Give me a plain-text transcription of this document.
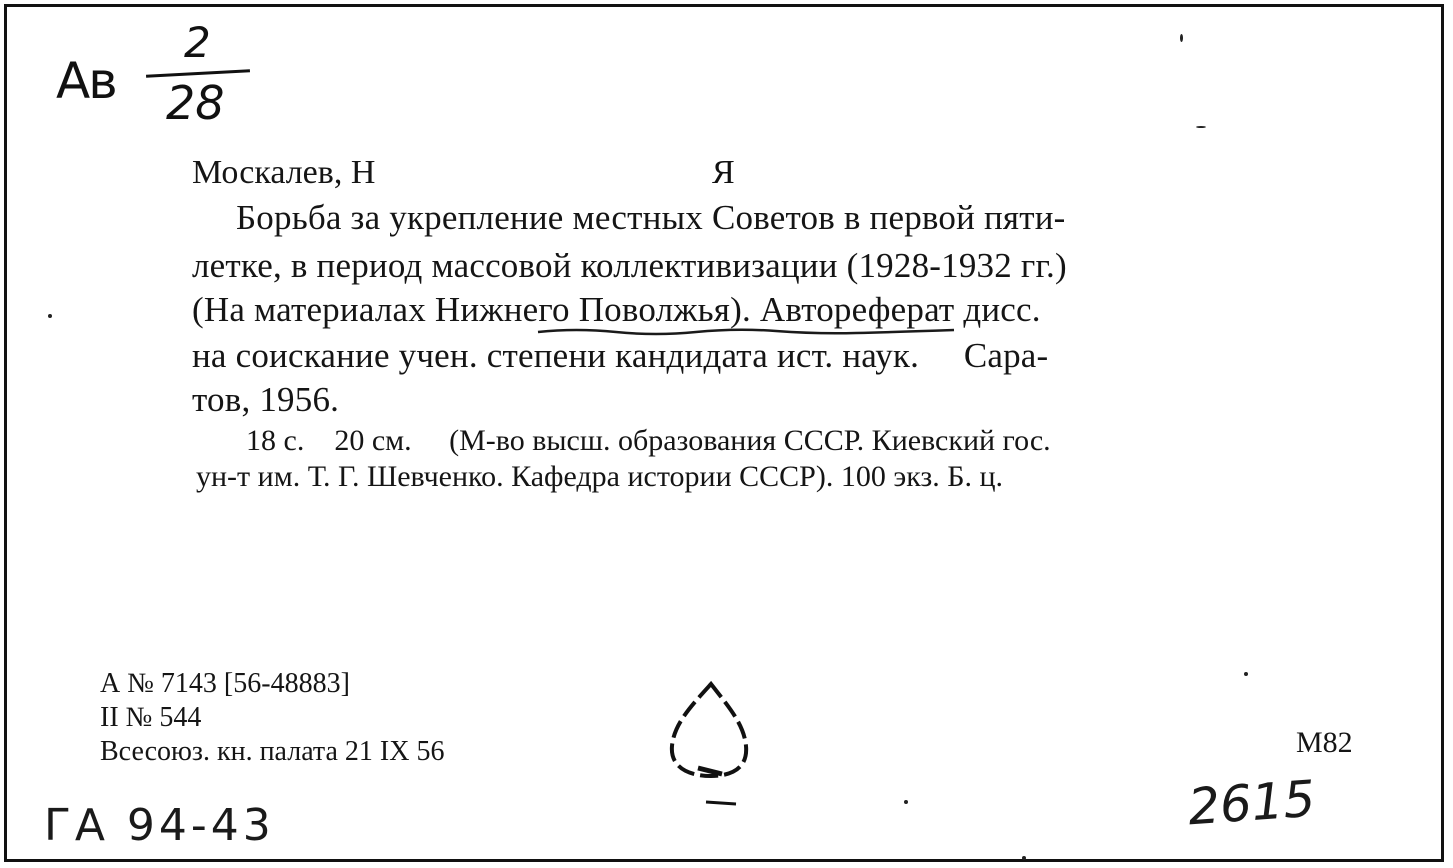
Ав
2
28
Москалев, Н	Я
Борьба за укрепление местных Советов в первой пяти-
летке, в период массовой коллективизации (1928-1932 гг.)
(На материалах Нижнего Поволжья). Автореферат дисс.
на соискание учен. степени кандидата ист. наук.     Сара-
тов, 1956.
18 с.    20 см.     (М-во высш. образования СССР. Киевский гос.
ун-т им. Т. Г. Шевченко. Кафедра истории СССР). 100 экз. Б. ц.
А № 7143 [56-48883]
II № 544
Всесоюз. кн. палата 21 IX 56	М82
2615
ГА 94-43
